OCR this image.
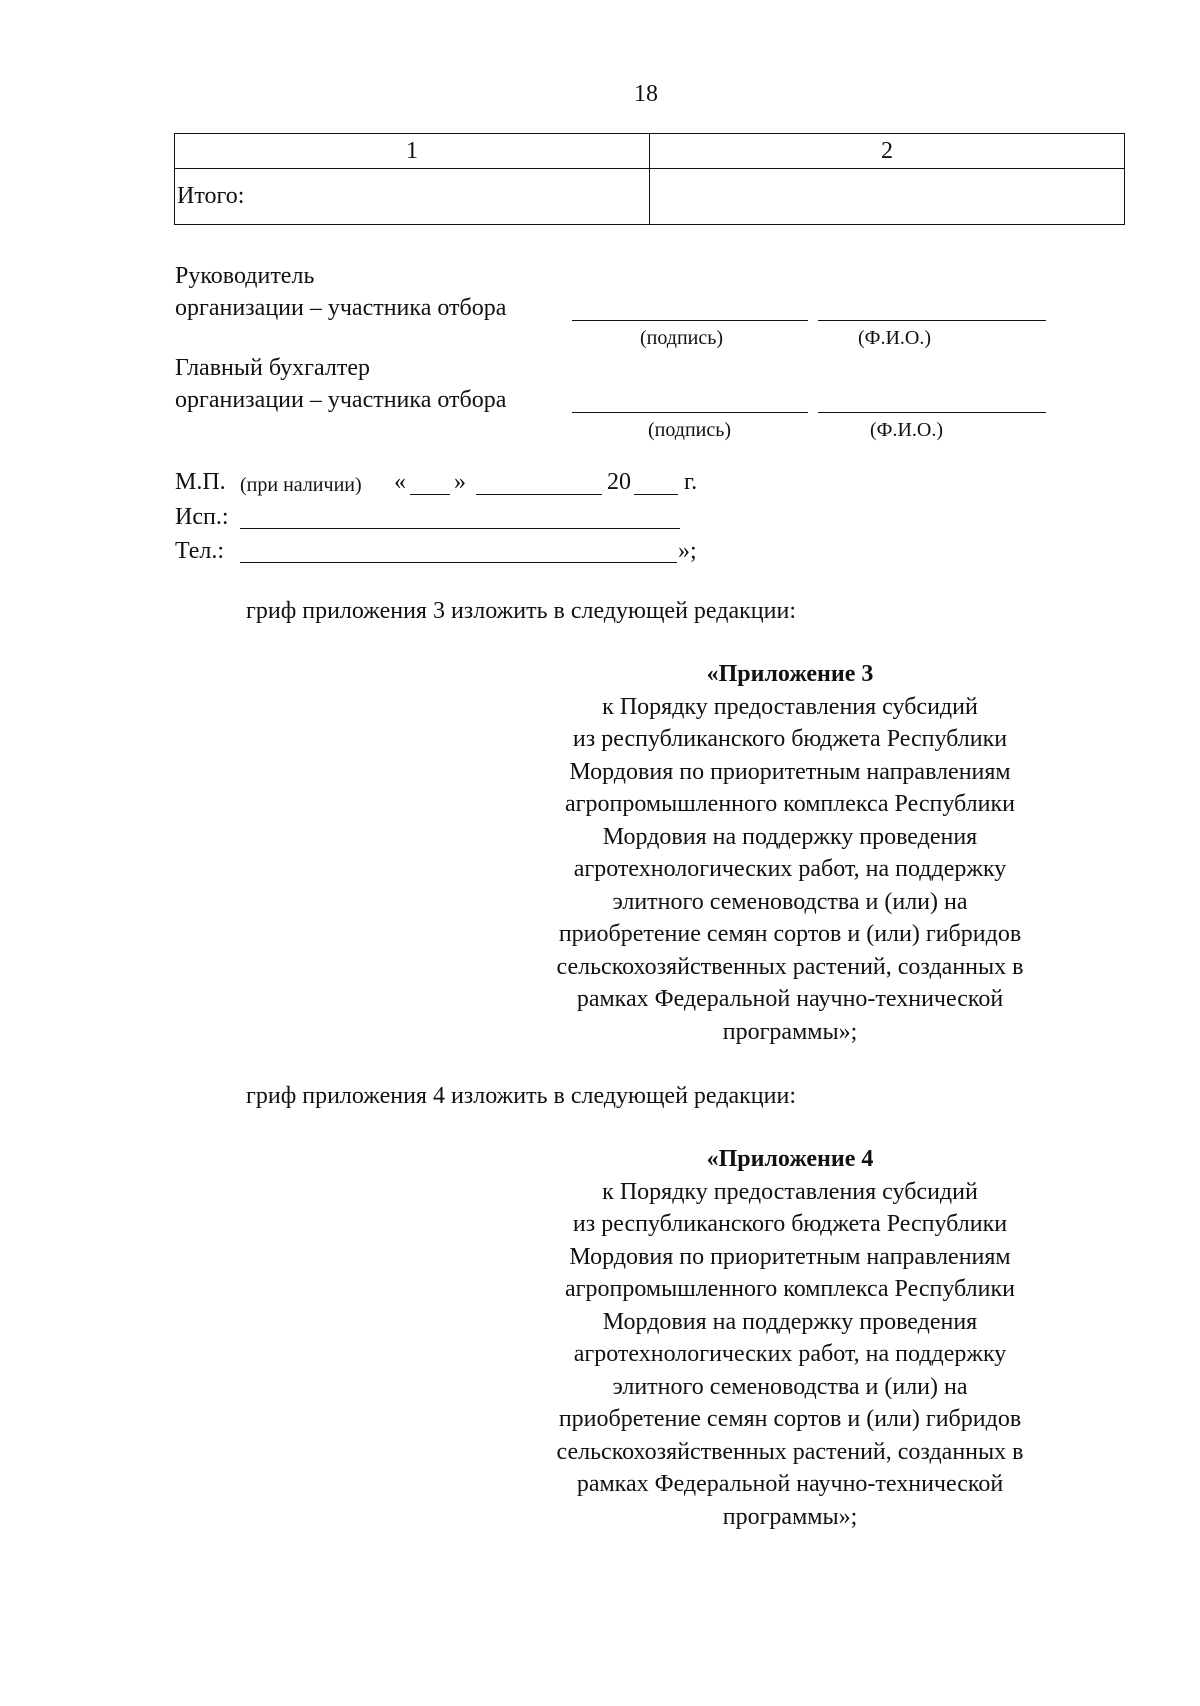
18
1	2
Итого:	
Руководитель
организации – участника отбора
(подпись)	(Ф.И.О.)
Главный бухгалтер
организации – участника отбора
(подпись)	(Ф.И.О.)
М.П. (при наличии) « »	20 г.
Исп.:
Тел.:	»;
гриф приложения 3 изложить в следующей редакции:
«Приложение 3
к Порядку предоставления субсидий
из республиканского бюджета Республики
Мордовия по приоритетным направлениям
агропромышленного комплекса Республики
Мордовия на поддержку проведения
агротехнологических работ, на поддержку
элитного семеноводства и (или) на
приобретение семян сортов и (или) гибридов
сельскохозяйственных растений, созданных в
рамках Федеральной научно-технической
программы»;
гриф приложения 4 изложить в следующей редакции:
«Приложение 4
к Порядку предоставления субсидий
из республиканского бюджета Республики
Мордовия по приоритетным направлениям
агропромышленного комплекса Республики
Мордовия на поддержку проведения
агротехнологических работ, на поддержку
элитного семеноводства и (или) на
приобретение семян сортов и (или) гибридов
сельскохозяйственных растений, созданных в
рамках Федеральной научно-технической
программы»;
